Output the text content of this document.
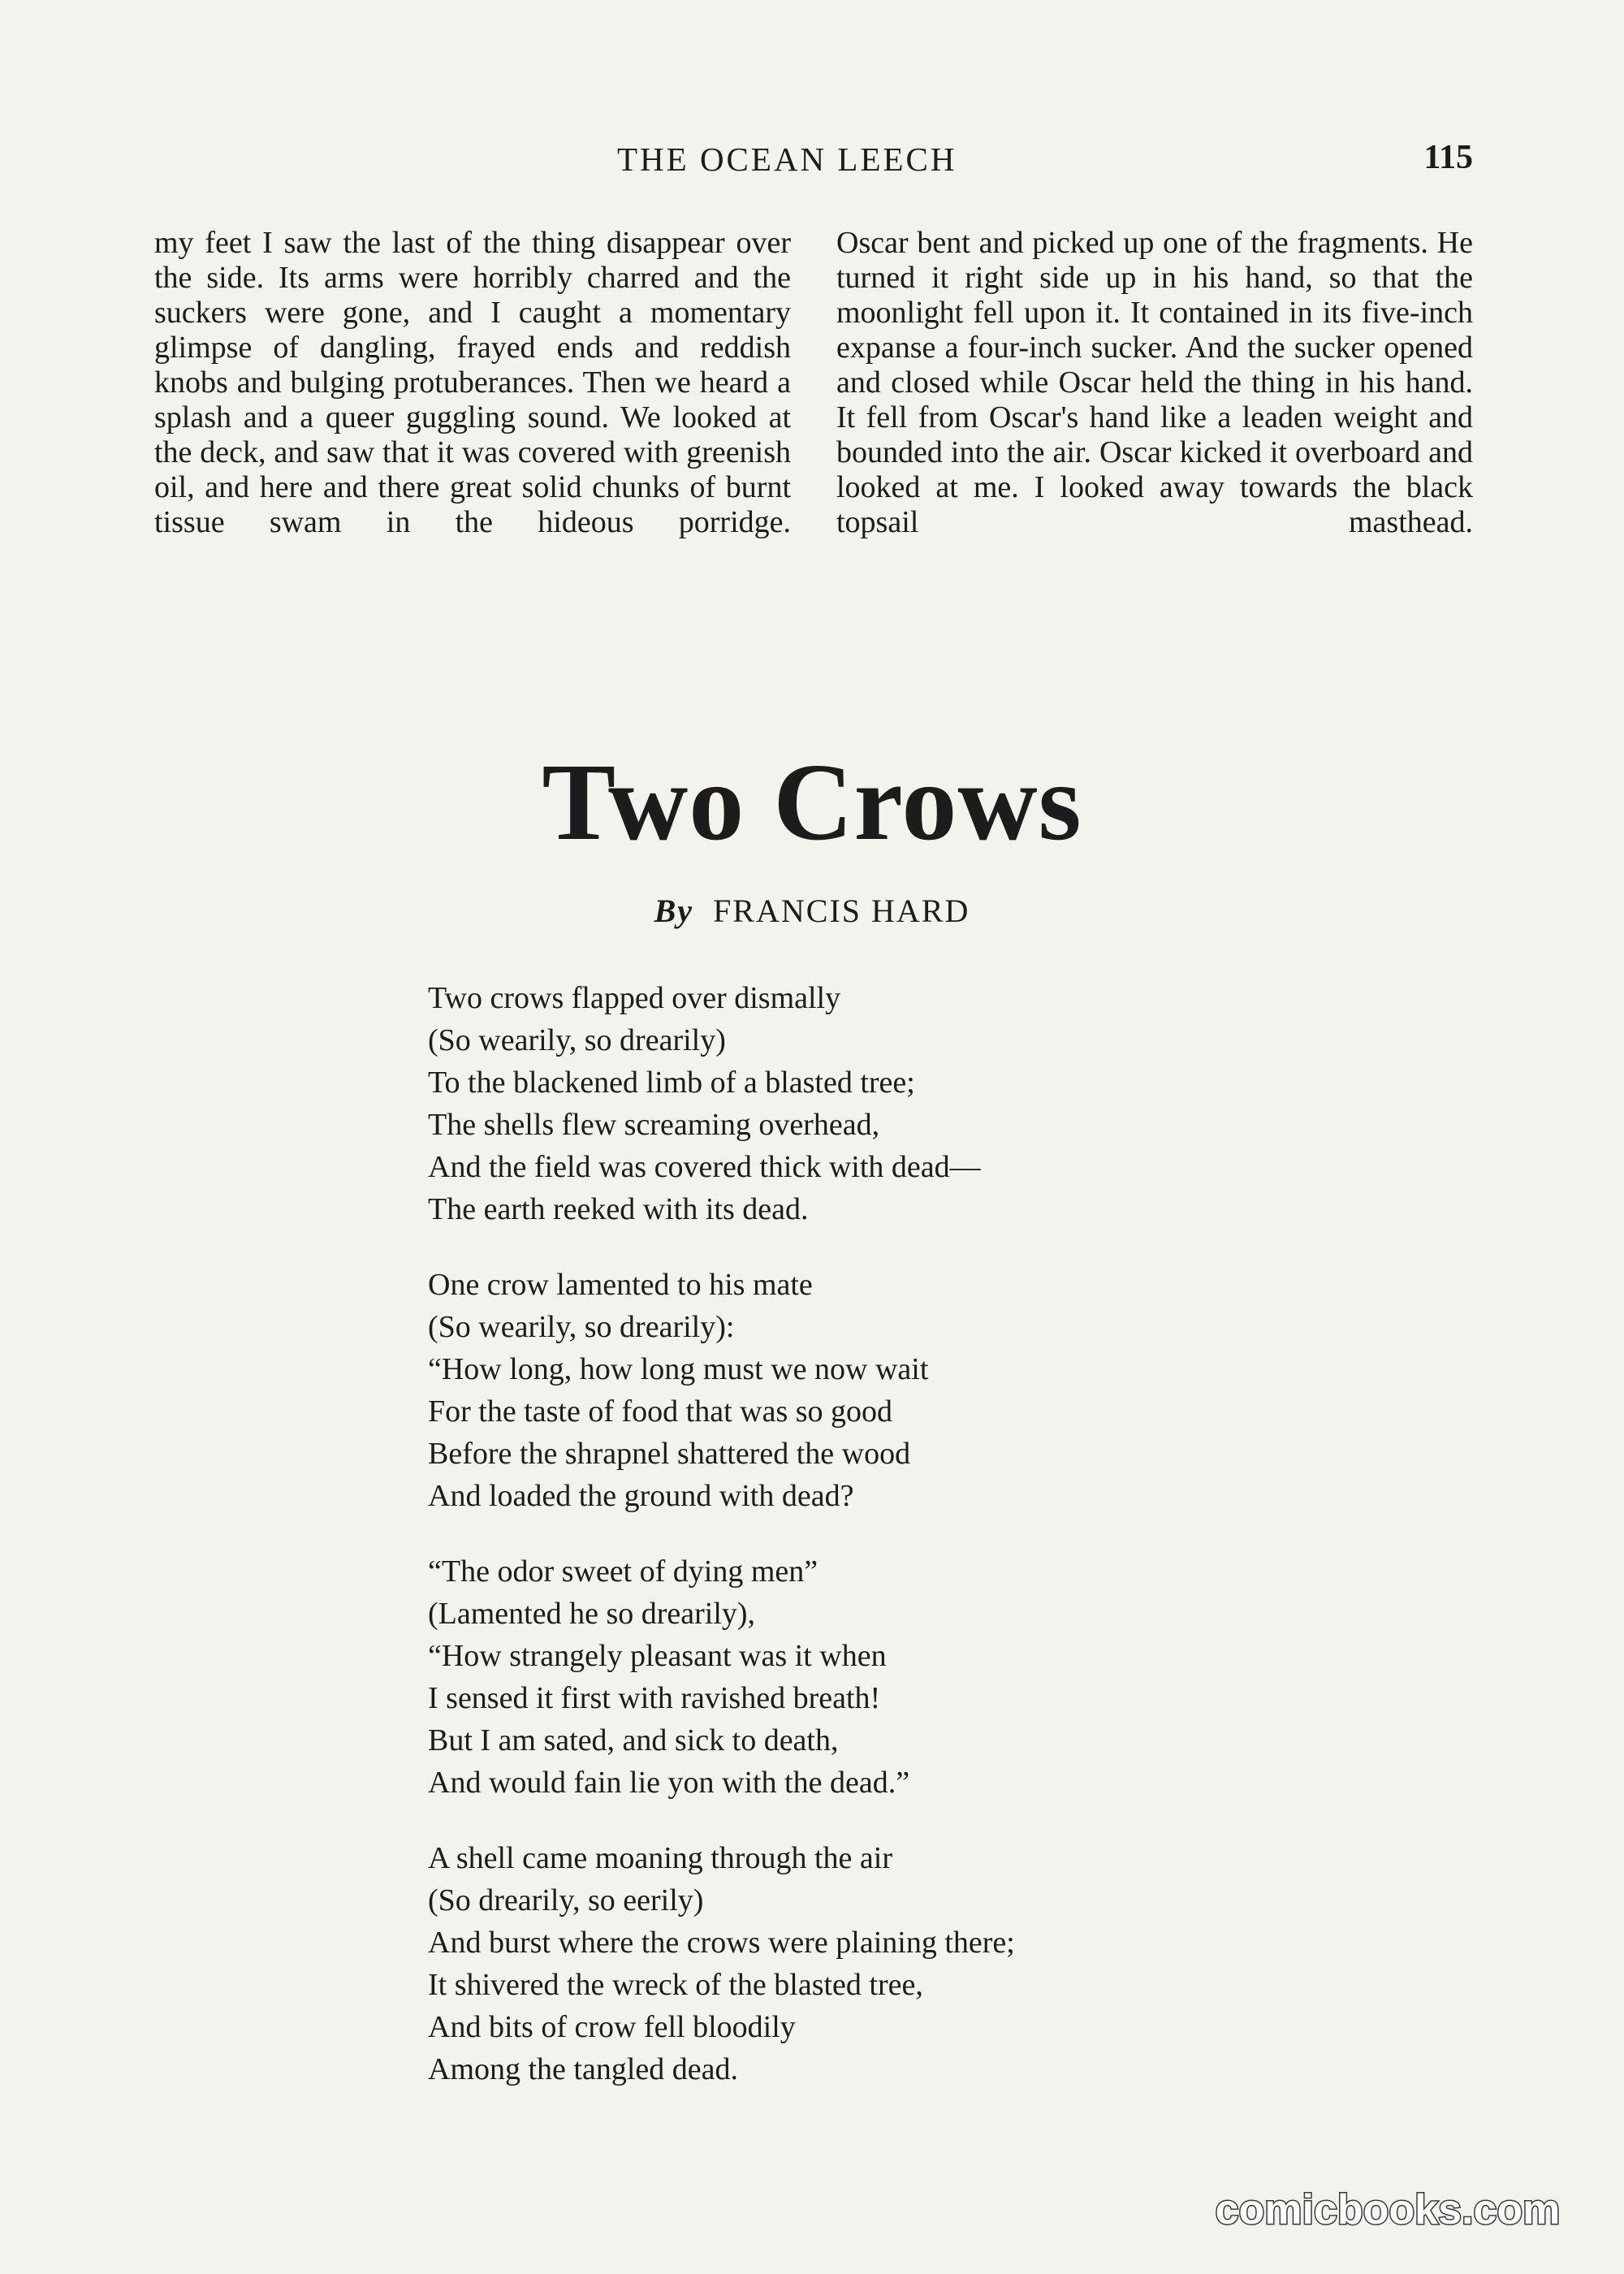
THE OCEAN LEECH	115

my feet I saw the last of the thing disappear over the side. Its arms were horribly charred and the suckers were gone, and I caught a momentary glimpse of dangling, frayed ends and reddish knobs and bulging protuberances. Then we heard a splash and a queer guggling sound. We looked at the deck, and saw that it was covered with greenish oil, and here and there great solid chunks of burnt tissue swam in the hideous porridge.

Oscar bent and picked up one of the fragments. He turned it right side up in his hand, so that the moonlight fell upon it. It contained in its five-inch expanse a four-inch sucker. And the sucker opened and closed while Oscar held the thing in his hand. It fell from Oscar's hand like a leaden weight and bounded into the air. Oscar kicked it overboard and looked at me. I looked away towards the black topsail masthead.

Two Crows
By FRANCIS HARD
Two crows flapped over dismally
(So wearily, so drearily)
To the blackened limb of a blasted tree;
The shells flew screaming overhead,
And the field was covered thick with dead—
The earth reeked with its dead.
One crow lamented to his mate
(So wearily, so drearily):
“How long, how long must we now wait
For the taste of food that was so good
Before the shrapnel shattered the wood
And loaded the ground with dead?
“The odor sweet of dying men”
(Lamented he so drearily),
“How strangely pleasant was it when
I sensed it first with ravished breath!
But I am sated, and sick to death,
And would fain lie yon with the dead.”
A shell came moaning through the air
(So drearily, so eerily)
And burst where the crows were plaining there;
It shivered the wreck of the blasted tree,
And bits of crow fell bloodily
Among the tangled dead.
comicbooks.com
